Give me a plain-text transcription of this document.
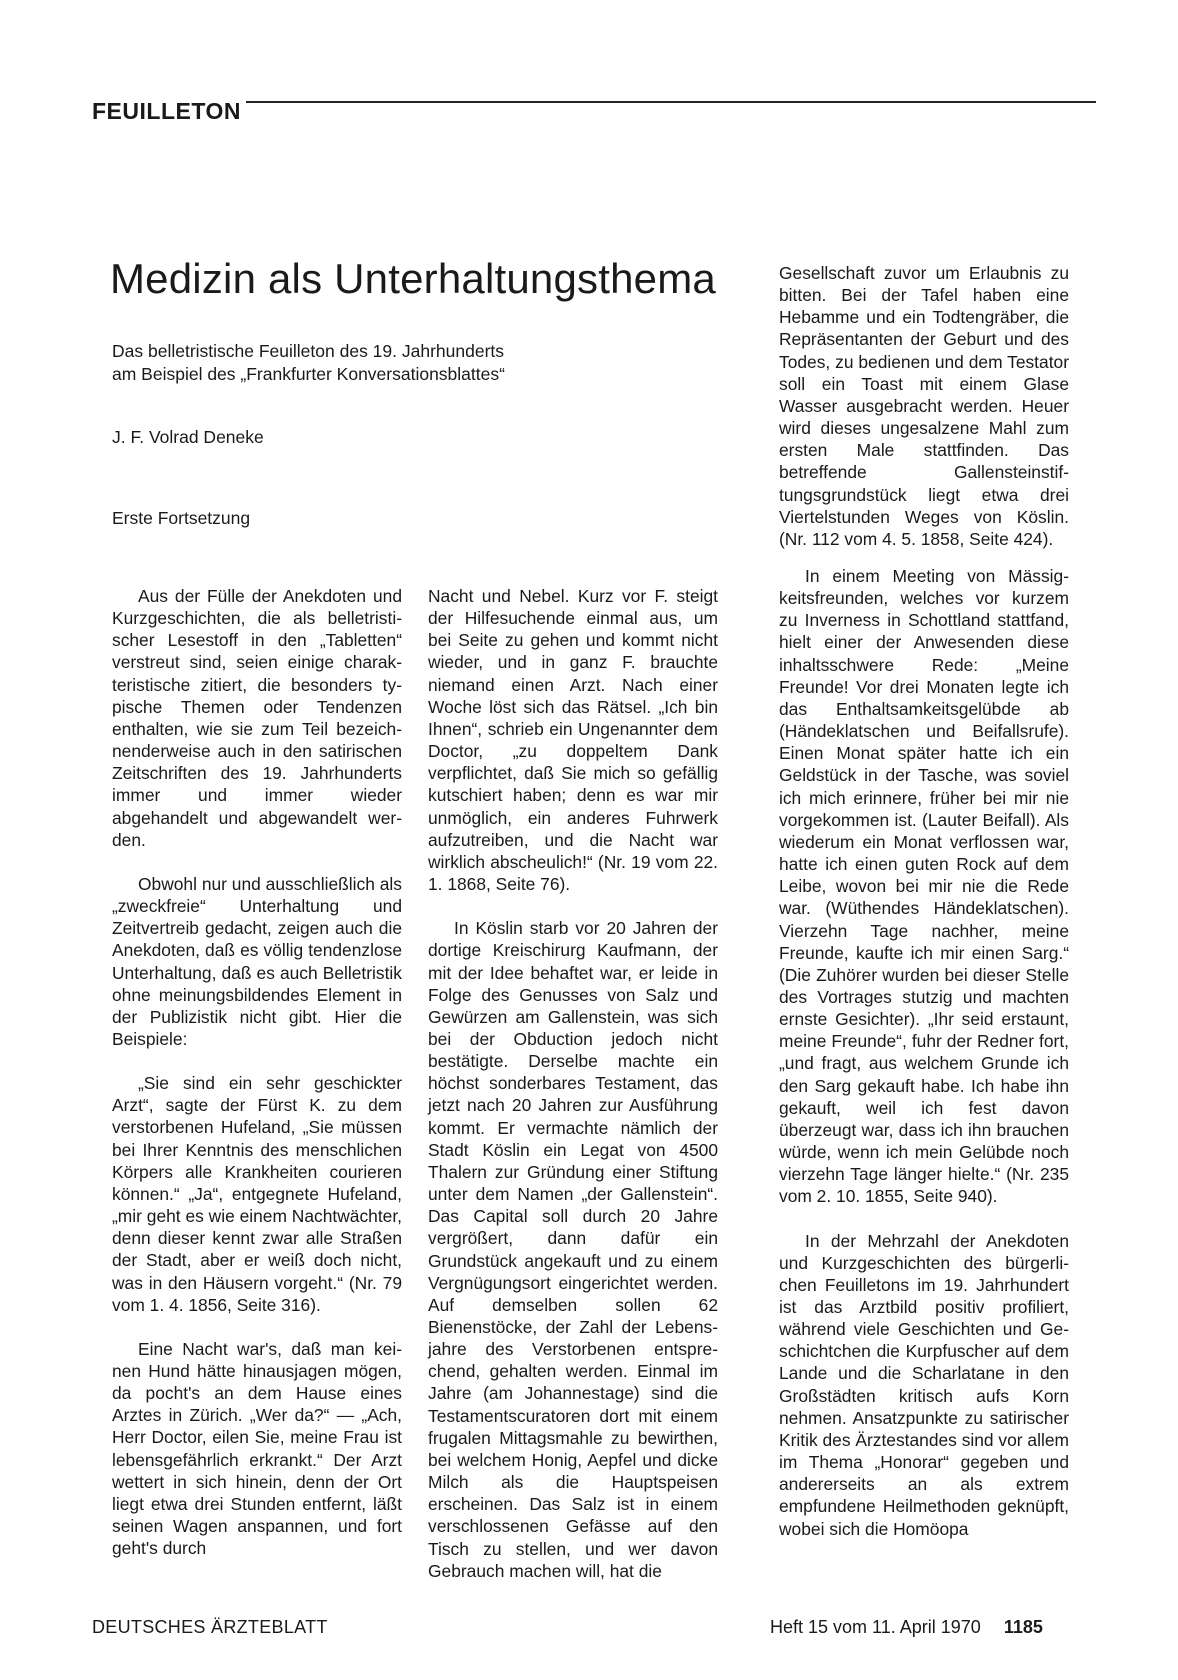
FEUILLETON
Medizin als Unterhaltungsthema
Das belletristische Feuilleton des 19. Jahrhunderts
am Beispiel des „Frankfurter Konversationsblattes“
J. F. Volrad Deneke
Erste Fortsetzung

Aus der Fülle der Anekdoten und Kurzgeschichten, die als belletristischer Lesestoff in den „Tabletten“ verstreut sind, seien einige charakteristische zitiert, die besonders typische Themen oder Tendenzen enthalten, wie sie zum Teil bezeichnenderweise auch in den satirischen Zeitschriften des 19. Jahrhunderts immer und immer wieder abgehandelt und abgewandelt werden.

Obwohl nur und ausschließlich als „zweckfreie“ Unterhaltung und Zeitvertreib gedacht, zeigen auch die Anekdoten, daß es völlig tendenzlose Unterhaltung, daß es auch Belletristik ohne meinungsbildendes Element in der Publizistik nicht gibt. Hier die Beispiele:

„Sie sind ein sehr geschickter Arzt“, sagte der Fürst K. zu dem verstorbenen Hufeland, „Sie müssen bei Ihrer Kenntnis des menschlichen Körpers alle Krankheiten courieren können.“ „Ja“, entgegnete Hufeland, „mir geht es wie einem Nachtwächter, denn dieser kennt zwar alle Straßen der Stadt, aber er weiß doch nicht, was in den Häusern vorgeht.“ (Nr. 79 vom 1. 4. 1856, Seite 316).

Eine Nacht war's, daß man keinen Hund hätte hinausjagen mögen, da pocht's an dem Hause eines Arztes in Zürich. „Wer da?“ — „Ach, Herr Doctor, eilen Sie, meine Frau ist lebensgefährlich erkrankt.“ Der Arzt wettert in sich hinein, denn der Ort liegt etwa drei Stunden entfernt, läßt seinen Wagen anspannen, und fort geht's durch

Nacht und Nebel. Kurz vor F. steigt der Hilfesuchende einmal aus, um bei Seite zu gehen und kommt nicht wieder, und in ganz F. brauchte niemand einen Arzt. Nach einer Woche löst sich das Rätsel. „Ich bin Ihnen“, schrieb ein Ungenannter dem Doctor, „zu doppeltem Dank verpflichtet, daß Sie mich so gefällig kutschiert haben; denn es war mir unmöglich, ein anderes Fuhrwerk aufzutreiben, und die Nacht war wirklich abscheulich!“ (Nr. 19 vom 22. 1. 1868, Seite 76).

In Köslin starb vor 20 Jahren der dortige Kreischirurg Kaufmann, der mit der Idee behaftet war, er leide in Folge des Genusses von Salz und Gewürzen am Gallenstein, was sich bei der Obduction jedoch nicht bestätigte. Derselbe machte ein höchst sonderbares Testament, das jetzt nach 20 Jahren zur Ausführung kommt. Er vermachte nämlich der Stadt Köslin ein Legat von 4500 Thalern zur Gründung einer Stiftung unter dem Namen „der Gallenstein“. Das Capital soll durch 20 Jahre vergrößert, dann dafür ein Grundstück angekauft und zu einem Vergnügungsort eingerichtet werden. Auf demselben sollen 62 Bienenstöcke, der Zahl der Lebensjahre des Verstorbenen entsprechend, gehalten werden. Einmal im Jahre (am Johannestage) sind die Testamentscuratoren dort mit einem frugalen Mittagsmahle zu bewirthen, bei welchem Honig, Aepfel und dicke Milch als die Hauptspeisen erscheinen. Das Salz ist in einem verschlossenen Gefässe auf den Tisch zu stellen, und wer davon Gebrauch machen will, hat die

Gesellschaft zuvor um Erlaubnis zu bitten. Bei der Tafel haben eine Hebamme und ein Todtengräber, die Repräsentanten der Geburt und des Todes, zu bedienen und dem Testator soll ein Toast mit einem Glase Wasser ausgebracht werden. Heuer wird dieses ungesalzene Mahl zum ersten Male stattfinden. Das betreffende Gallensteinstiftungsgrundstück liegt etwa drei Viertelstunden Weges von Köslin. (Nr. 112 vom 4. 5. 1858, Seite 424).

In einem Meeting von Mässigkeitsfreunden, welches vor kurzem zu Inverness in Schottland stattfand, hielt einer der Anwesenden diese inhaltsschwere Rede: „Meine Freunde! Vor drei Monaten legte ich das Enthaltsamkeitsgelübde ab (Händeklatschen und Beifallsrufe). Einen Monat später hatte ich ein Geldstück in der Tasche, was soviel ich mich erinnere, früher bei mir nie vorgekommen ist. (Lauter Beifall). Als wiederum ein Monat verflossen war, hatte ich einen guten Rock auf dem Leibe, wovon bei mir nie die Rede war. (Wüthendes Händeklatschen). Vierzehn Tage nachher, meine Freunde, kaufte ich mir einen Sarg.“ (Die Zuhörer wurden bei dieser Stelle des Vortrages stutzig und machten ernste Gesichter). „Ihr seid erstaunt, meine Freunde“, fuhr der Redner fort, „und fragt, aus welchem Grunde ich den Sarg gekauft habe. Ich habe ihn gekauft, weil ich fest davon überzeugt war, dass ich ihn brauchen würde, wenn ich mein Gelübde noch vierzehn Tage länger hielte.“ (Nr. 235 vom 2. 10. 1855, Seite 940).

In der Mehrzahl der Anekdoten und Kurzgeschichten des bürgerlichen Feuilletons im 19. Jahrhundert ist das Arztbild positiv profiliert, während viele Geschichten und Geschichtchen die Kurpfuscher auf dem Lande und die Scharlatane in den Großstädten kritisch aufs Korn nehmen. Ansatzpunkte zu satirischer Kritik des Ärztestandes sind vor allem im Thema „Honorar“ gegeben und andererseits an als extrem empfundene Heilmethoden geknüpft, wobei sich die Homöopa

DEUTSCHES ÄRZTEBLATT	Heft 15 vom 11. April 1970 1185
